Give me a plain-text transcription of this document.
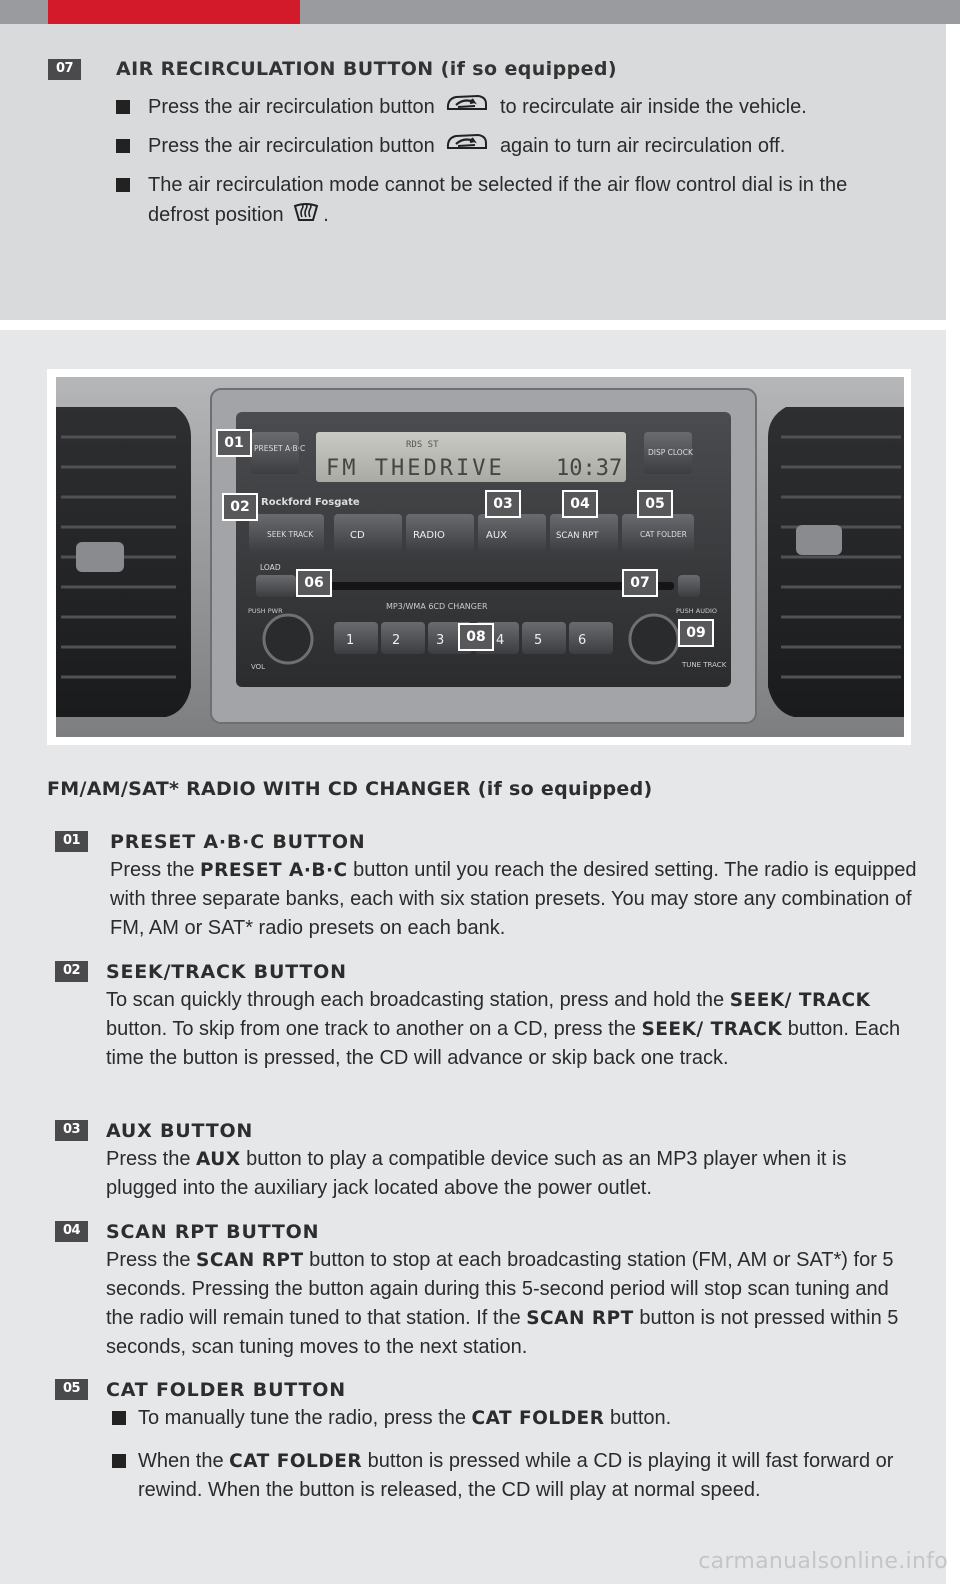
07	AIR RECIRCULATION BUTTON (if so equipped)
Press the air recirculation button	to recirculate air inside the vehicle.
Press the air recirculation button	again to turn air recirculation off.
The air recirculation mode cannot be selected if the air flow control dial is in the defrost position .
RDS ST
FM THEDRIVE 10:37
PRESET A·B·C	DISP CLOCK
Rockford Fosgate
SEEK TRACK	CD	RADIO	AUX	SCAN RPT	CAT FOLDER
LOAD
MP3/WMA 6CD CHANGER
PUSH PWR
VOL
PUSH AUDIO
TUNE TRACK
1	2	3	4 5	6
01
02	03	04	05
06	07
08	09
FM/AM/SAT* RADIO WITH CD CHANGER (if so equipped)
01	PRESET A·B·C BUTTON

Press the PRESET A·B·C button until you reach the desired setting. The radio is equipped with three separate banks, each with six station presets. You may store any combination of FM, AM or SAT* radio presets on each bank.

02	SEEK/TRACK BUTTON

To scan quickly through each broadcasting station, press and hold the SEEK/ TRACK button. To skip from one track to another on a CD, press the SEEK/ TRACK button. Each time the button is pressed, the CD will advance or skip back one track.

03	AUX BUTTON

Press the AUX button to play a compatible device such as an MP3 player when it is plugged into the auxiliary jack located above the power outlet.

04	SCAN RPT BUTTON

Press the SCAN RPT button to stop at each broadcasting station (FM, AM or SAT*) for 5 seconds. Pressing the button again during this 5-second period will stop scan tuning and the radio will remain tuned to that station. If the SCAN RPT button is not pressed within 5 seconds, scan tuning moves to the next station.

05	CAT FOLDER BUTTON
To manually tune the radio, press the CAT FOLDER button.
When the CAT FOLDER button is pressed while a CD is playing it will fast forward or rewind. When the button is released, the CD will play at normal speed.
carmanualsonline.info
